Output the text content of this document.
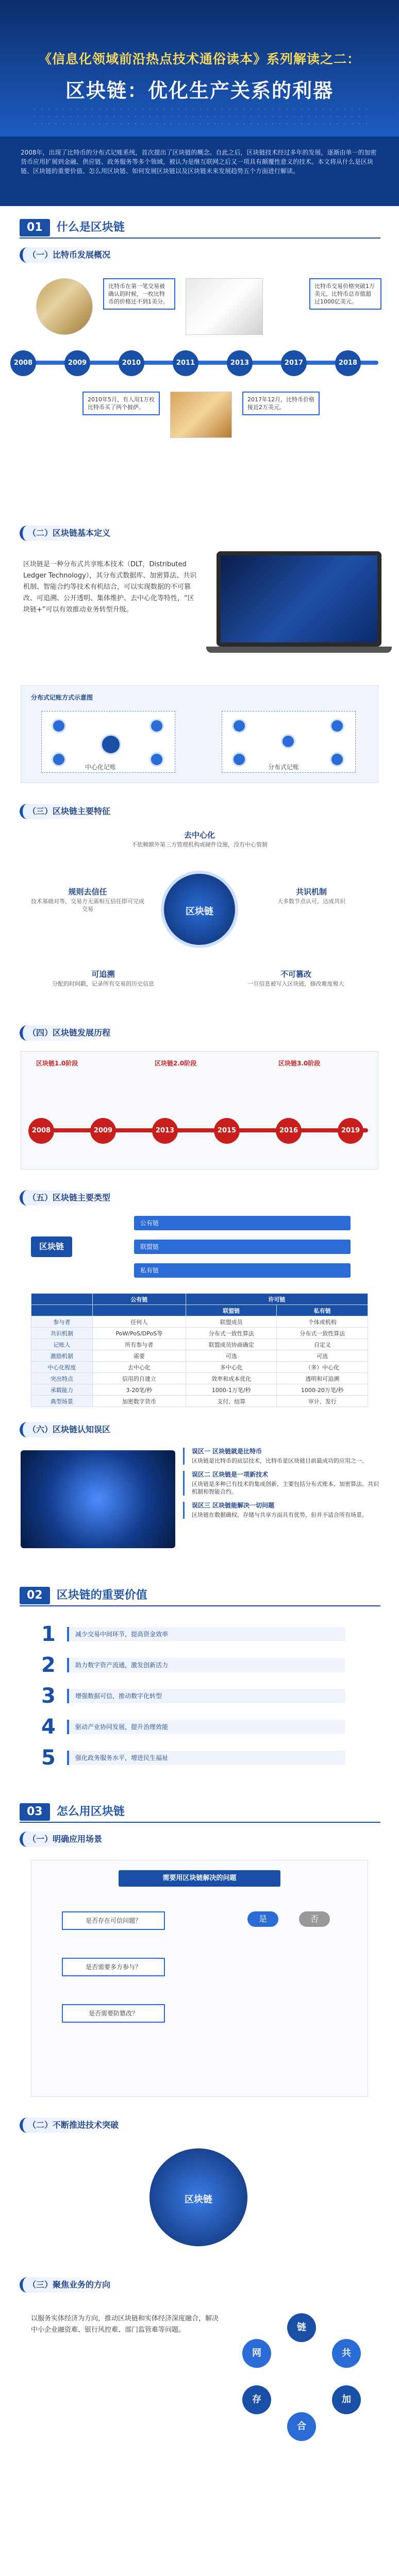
《信息化领域前沿热点技术通俗读本》系列解读之二：
区块链：优化生产关系的利器
2008年，出现了比特币的分布式记账系统，首次提出了区块链的概念。自此之后，区块链技术经过多年的发展，逐渐由单一的加密货币应用扩展到金融、供应链、政务服务等多个领域，被认为是继互联网之后又一项具有颠覆性意义的技术。本文将从什么是区块链、区块链的重要价值、怎么用区块链、如何发展区块链以及区块链未来发展趋势五个方面进行解读。
01 什么是区块链
（一）比特币发展概况
比特币在第一笔交易被确认的时候，一枚比特币的价格还不到1美分。
比特币交易价格突破1万美元，比特币总市值超过1000亿美元。
2008	2009	2010	2011	2013	2017	2018
2010年5月，有人用1万枚比特币买了两个披萨。
2017年12月，比特币价格接近2万美元。
（二）区块链基本定义
区块链是一种分布式共享账本技术（DLT，Distributed Ledger Technology），其分布式数据库、加密算法、共识机制、智能合约等技术有机结合，可以实现数据的不可篡改、可追溯、公开透明、集体维护、去中心化等特性，“区块链+”可以有效推动业务转型升级。
分布式记账方式示意图
中心化记账	分布式记账
（三）区块链主要特征
去中心化
不依赖额外第三方管理机构或硬件设施，没有中心管制
区块链
规则去信任
技术基础对等，交易方无需相互信任即可完成交易
共识机制
大多数节点认可，达成共识
可追溯
分配的时间戳，记录所有交易的历史信息
不可篡改
一旦信息被写入区块链，修改难度极大
（四）区块链发展历程
区块链1.0阶段	区块链2.0阶段	区块链3.0阶段
2008	2009	2013	2015	2016	2019
（五）区块链主要类型
区块链
公有链
联盟链
私有链
	公有链	许可链	
		联盟链	私有链
参与者	任何人	联盟成员	个体或机构
共识机制	PoW/PoS/DPoS等	分布式一致性算法	分布式一致性算法
记账人	所有参与者	联盟成员协商确定	自定义
激励机制	需要	可选	可选
中心化程度	去中心化	多中心化	（多）中心化
突出特点	信用的自建立	效率和成本优化	透明和可追溯
承载能力	3-20笔/秒	1000-1万笔/秒	1000-20万笔/秒
典型场景	加密数字货币	支付、结算	审计、发行
（六）区块链认知误区
误区一 区块链就是比特币
区块链是比特币的底层技术，比特币是区块链目前最成功的应用之一。
误区二 区块链是一项新技术
区块链是多种已有技术的集成创新，主要包括分布式账本、加密算法、共识机制和智能合约。
误区三 区块链能解决一切问题
区块链在数据确权、存储与共享方面具有优势，但并不适合所有场景。
02 区块链的重要价值
1	减少交易中间环节，提高资金效率
2	助力数字资产流通，激发创新活力
3	增强数据可信，推动数字化转型
4	驱动产业协同发展，提升治理效能
5	强化政务服务水平，增进民生福祉
03 怎么用区块链
（一）明确应用场景
需要用区块链解决的问题
是否存在可信问题？
是否需要多方参与？
是否需要防篡改？
是	否
（二）不断推进技术突破
区块链
（三）聚焦业务的方向
以服务实体经济为方向，推动区块链和实体经济深度融合，解决中小企业融资难、银行风控难、部门监管难等问题。	链
共
加
合
存
网
